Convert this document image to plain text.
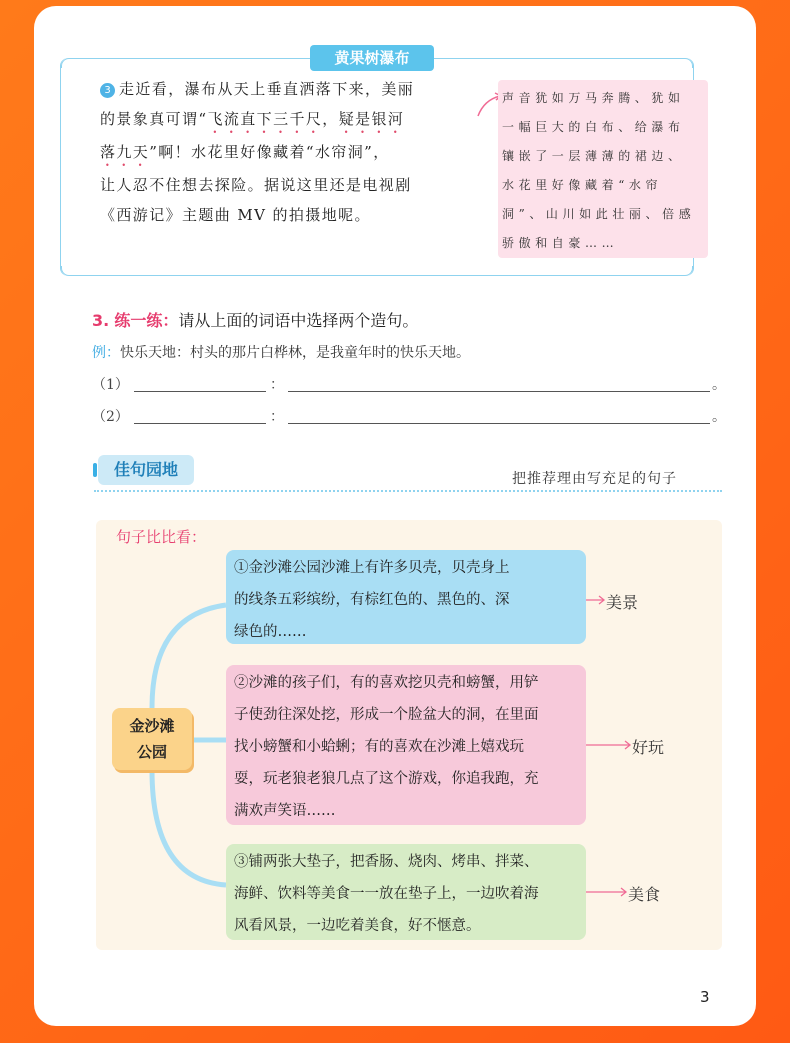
黄果树瀑布
3 走近看，瀑布从天上垂直洒落下来，美丽
的景象真可谓“飞流直下三千尺，疑是银河
落九天”啊！水花里好像藏着“水帘洞”，
让人忍不住想去探险。据说这里还是电视剧
《西游记》主题曲 MV 的拍摄地呢。
声音犹如万马奔腾、犹如
一幅巨大的白布、给瀑布
镶嵌了一层薄薄的裙边、
水花里好像藏着“水帘
洞”、山川如此壮丽、倍感
骄傲和自豪……
3. 练一练：请从上面的词语中选择两个造句。
例：快乐天地：村头的那片白桦林，是我童年时的快乐天地。
（1）	：	。
（2）	：	。
佳句园地	把推荐理由写充足的句子
句子比比看：
金沙滩
公园
①金沙滩公园沙滩上有许多贝壳，贝壳身上
的线条五彩缤纷，有棕红色的、黑色的、深
绿色的……
美景
②沙滩的孩子们，有的喜欢挖贝壳和螃蟹，用铲
子使劲往深处挖，形成一个脸盆大的洞，在里面
找小螃蟹和小蛤蜊；有的喜欢在沙滩上嬉戏玩
耍，玩老狼老狼几点了这个游戏，你追我跑，充
满欢声笑语……
好玩
③铺两张大垫子，把香肠、烧肉、烤串、拌菜、
海鲜、饮料等美食一一放在垫子上，一边吹着海
风看风景，一边吃着美食，好不惬意。
美食
3
